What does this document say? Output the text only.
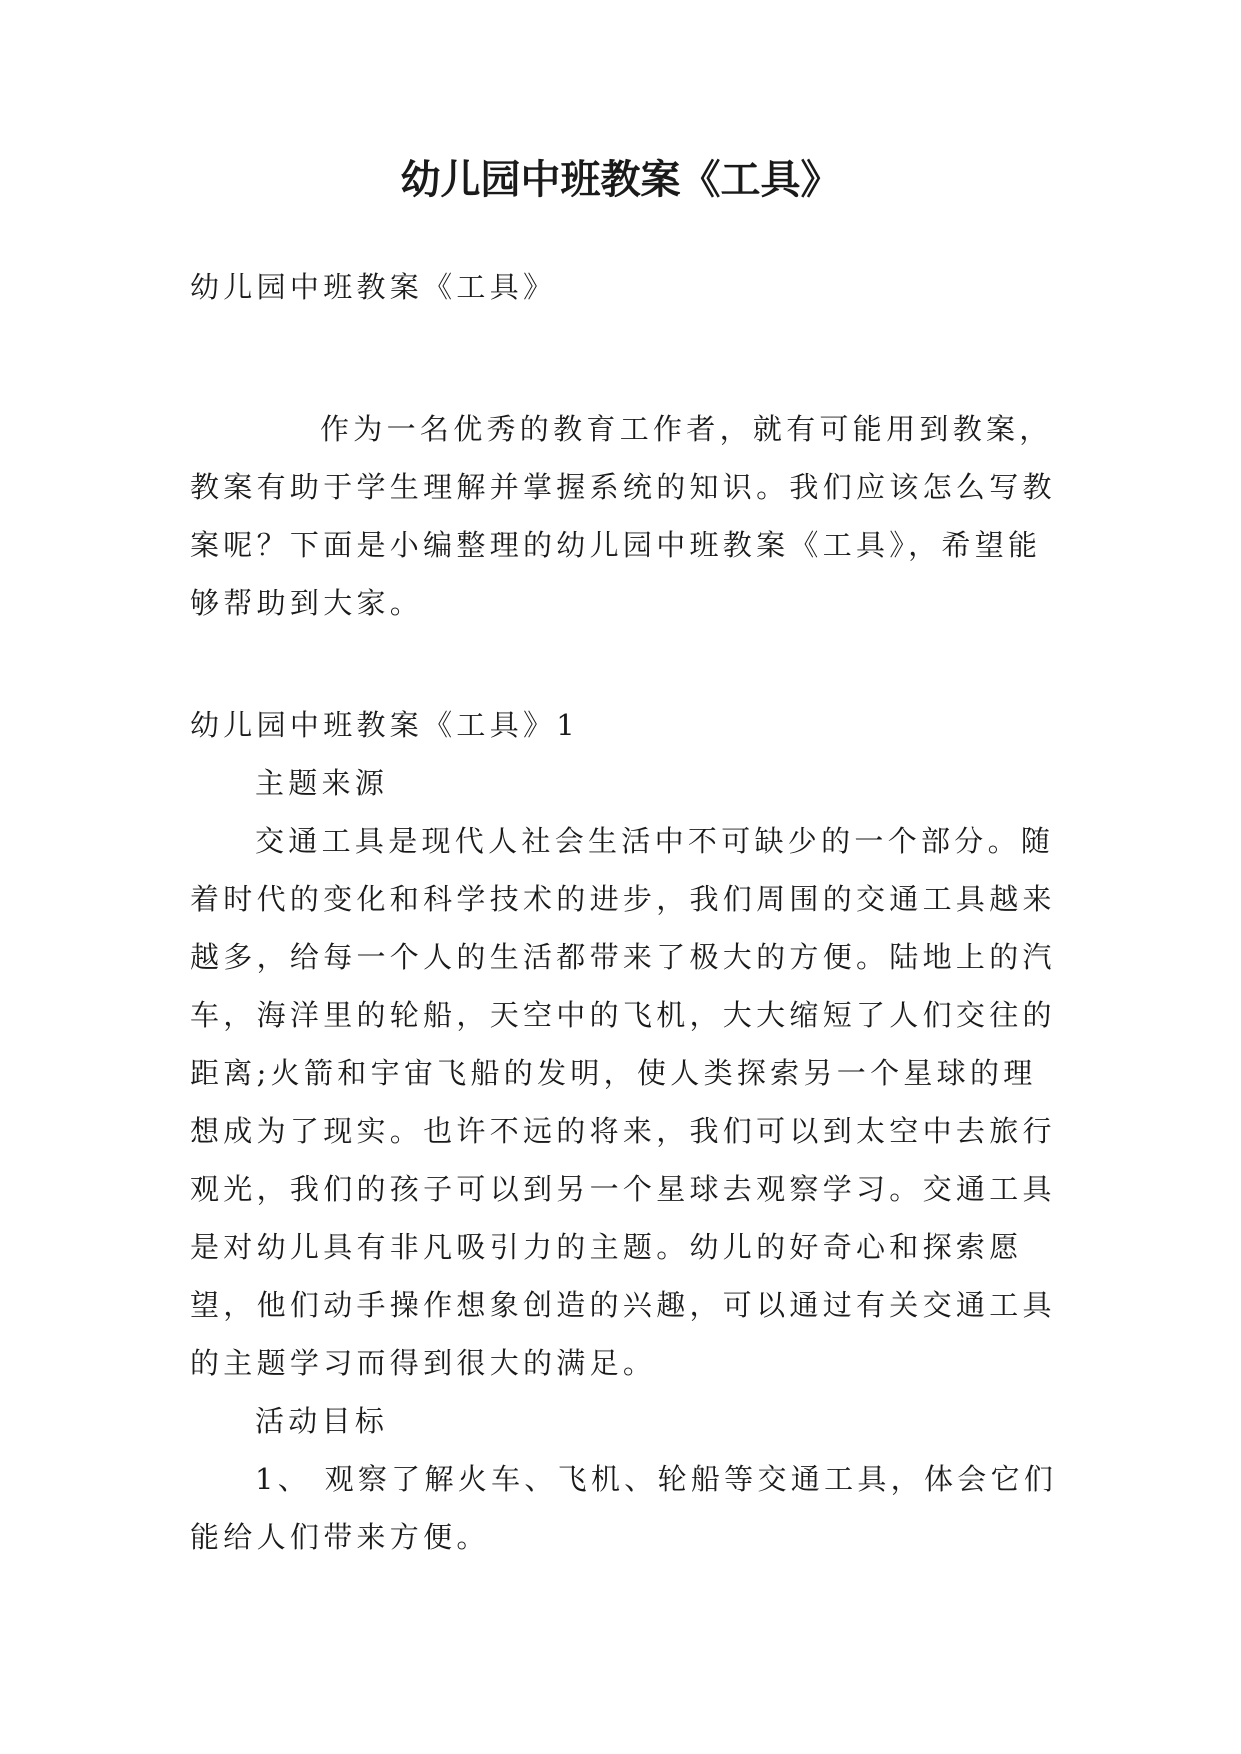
幼儿园中班教案《工具》

幼儿园中班教案《工具》

作为一名优秀的教育工作者，就有可能用到教案，教案有助于学生理解并掌握系统的知识。我们应该怎么写教案呢？下面是小编整理的幼儿园中班教案《工具》，希望能够帮助到大家。

幼儿园中班教案《工具》1

主题来源

交通工具是现代人社会生活中不可缺少的一个部分。随着时代的变化和科学技术的进步，我们周围的交通工具越来越多，给每一个人的生活都带来了极大的方便。陆地上的汽车，海洋里的轮船，天空中的飞机，大大缩短了人们交往的距离;火箭和宇宙飞船的发明，使人类探索另一个星球的理想成为了现实。也许不远的将来，我们可以到太空中去旅行观光，我们的孩子可以到另一个星球去观察学习。交通工具是对幼儿具有非凡吸引力的主题。幼儿的好奇心和探索愿望，他们动手操作想象创造的兴趣，可以通过有关交通工具的主题学习而得到很大的满足。

活动目标

1、 观察了解火车、飞机、轮船等交通工具，体会它们能给人们带来方便。
